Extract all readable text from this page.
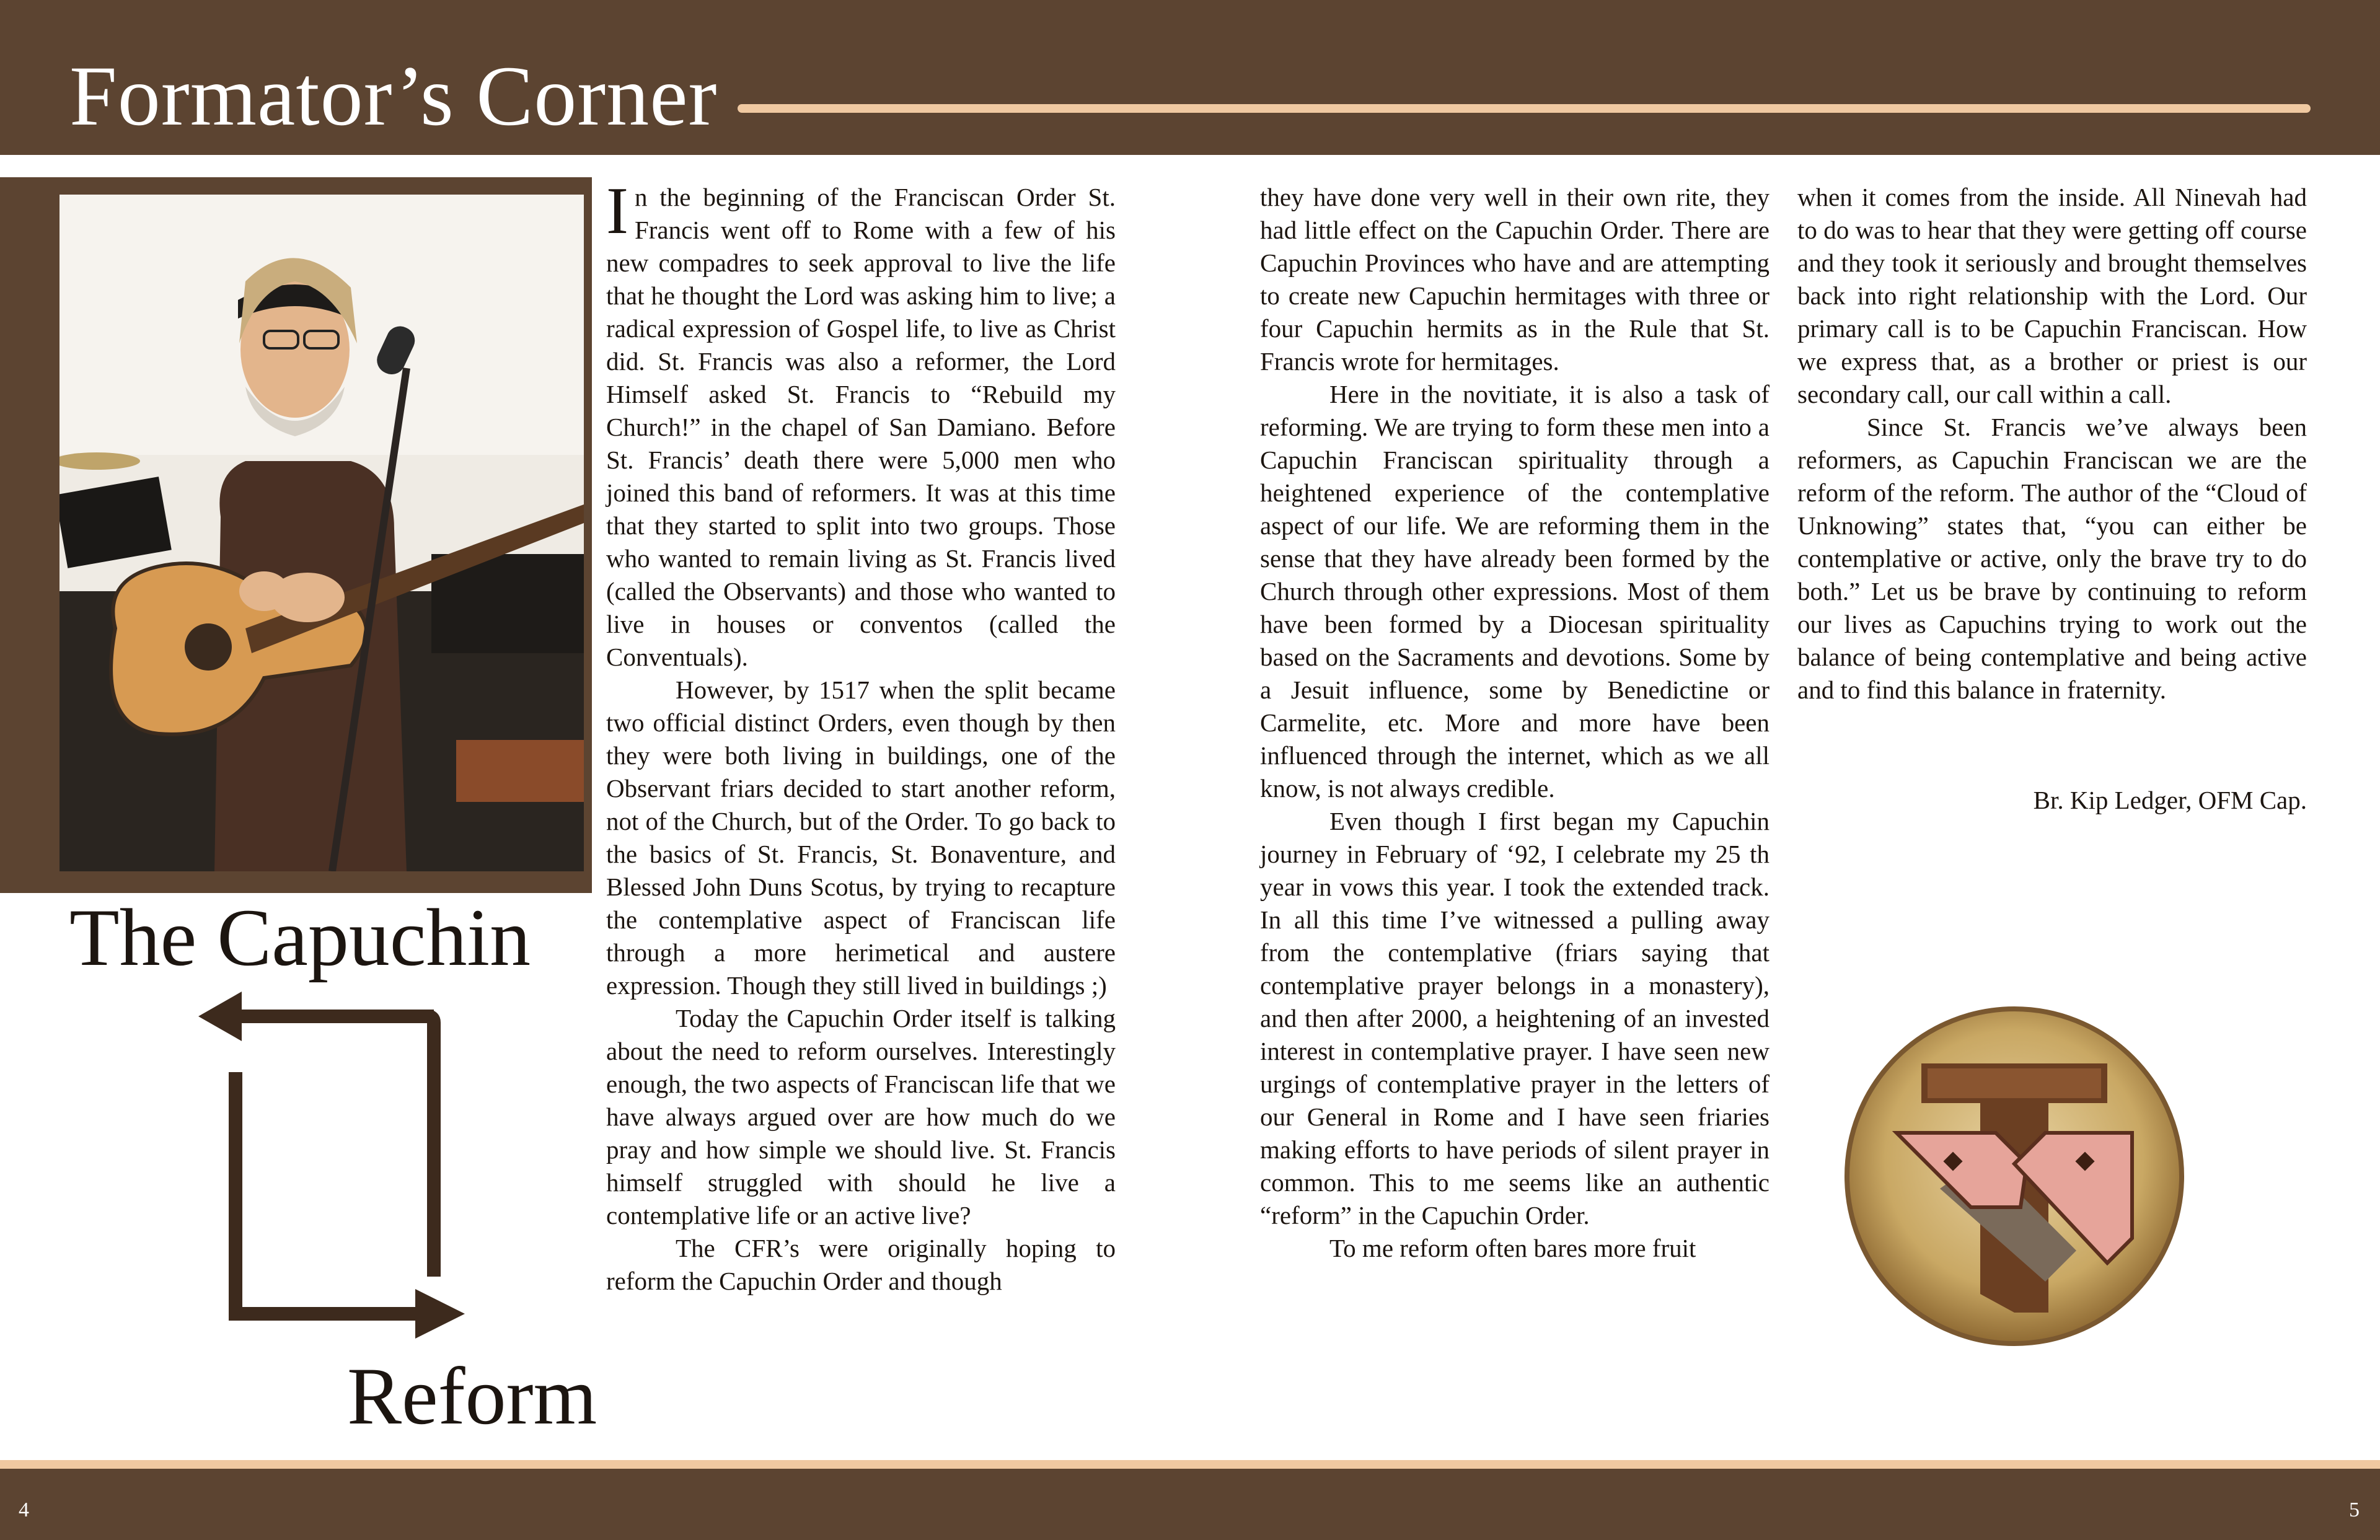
Formator’s Corner

In the beginning of the Franciscan Order St. Francis went off to Rome with a few of his new compadres to seek approval to live the life that he thought the Lord was asking him to live; a radical expression of Gospel life, to live as Christ did. St. Francis was also a reformer, the Lord Himself asked St. Francis to “Rebuild my Church!” in the chapel of San Damiano. Before St. Francis’ death there were 5,000 men who joined this band of reformers. It was at this time that they started to split into two groups. Those who wanted to remain living as St. Francis lived (called the Observants) and those who wanted to live in houses or conventos (called the Conventuals).

However, by 1517 when the split became two official distinct Orders, even though by then they were both living in buildings, one of the Observant friars decided to start another reform, not of the Church, but of the Order. To go back to the basics of St. Francis, St. Bonaventure, and Blessed John Duns Scotus, by trying to recapture the contemplative aspect of Franciscan life through a more herimetical and austere expression. Though they still lived in buildings ;)

Today the Capuchin Order itself is talking about the need to reform ourselves. Interestingly enough, the two aspects of Franciscan life that we have always argued over are how much do we pray and how simple we should live. St. Francis himself struggled with should he live a contemplative life or an active live?

The CFR’s were originally hoping to reform the Capuchin Order and though

they have done very well in their own rite, they had little effect on the Capuchin Order. There are Capuchin Provinces who have and are attempting to create new Capuchin hermitages with three or four Capuchin hermits as in the Rule that St. Francis wrote for hermitages.

Here in the novitiate, it is also a task of reforming. We are trying to form these men into a Capuchin Franciscan spirituality through a heightened experience of the contemplative aspect of our life. We are reforming them in the sense that they have already been formed by the Church through other expressions. Most of them have been formed by a Diocesan spirituality based on the Sacraments and devotions. Some by a Jesuit influence, some by Benedictine or Carmelite, etc. More and more have been influenced through the internet, which as we all know, is not always credible.

Even though I first began my Capuchin journey in February of ‘92, I celebrate my 25 th year in vows this year. I took the extended track. In all this time I’ve witnessed a pulling away from the contemplative (friars saying that contemplative prayer belongs in a monastery), and then after 2000, a heightening of an invested interest in contemplative prayer. I have seen new urgings of contemplative prayer in the letters of our General in Rome and I have seen friaries making efforts to have periods of silent prayer in common. This to me seems like an authentic “reform” in the Capuchin Order.

To me reform often bares more fruit

when it comes from the inside. All Ninevah had to do was to hear that they were getting off course and they took it seriously and brought themselves back into right relationship with the Lord. Our primary call is to be Capuchin Franciscan. How we express that, as a brother or priest is our secondary call, our call within a call.

Since St. Francis we’ve always been reformers, as Capuchin Franciscan we are the reform of the reform. The author of the “Cloud of Unknowing” states that, “you can either be contemplative or active, only the brave try to do both.” Let us be brave by continuing to reform our lives as Capuchins trying to work out the balance of being contemplative and being active and to find this balance in fraternity.

Br. Kip Ledger, OFM Cap.
The Capuchin
Reform
4	5
